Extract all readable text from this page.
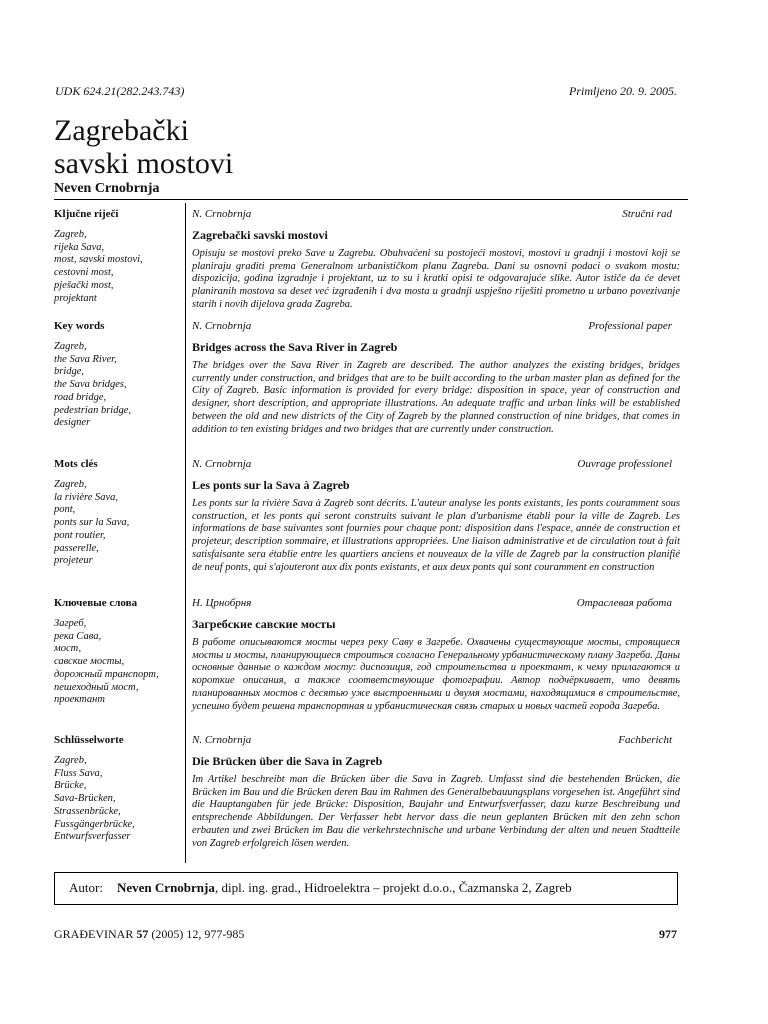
UDK 624.21(282.243.743)	Primljeno 20. 9. 2005.
Zagrebački
savski mostovi
Neven Crnobrnja
Ključne riječi
Zagreb,
rijeka Sava,
most, savski mostovi,
cestovni most,
pješački most,
projektant
N. Crnobrnja	Stručni rad
Zagrebački savski mostovi
Opisuju se mostovi preko Save u Zagrebu. Obuhvaćeni su postojeći mostovi, mostovi u gradnji i mostovi koji se planiraju graditi prema Generalnom urbanističkom planu Zagreba. Dani su osnovni podaci o svakom mostu: dispozicija, godina izgradnje i projektant, uz to su i kratki opisi te odgovarajuće slike. Autor ističe da će devet planiranih mostova sa deset već izgrađenih i dva mosta u gradnji uspješno riješiti prometno u urbano povezivanje starih i novih dijelova grada Zagreba.
Key words
Zagreb,
the Sava River,
bridge,
the Sava bridges,
road bridge,
pedestrian bridge,
designer
N. Crnobrnja	Professional paper
Bridges across the Sava River in Zagreb
The bridges over the Sava River in Zagreb are described. The author analyzes the existing bridges, bridges currently under construction, and bridges that are to be built according to the urban master plan as defined for the City of Zagreb. Basic information is provided for every bridge: disposition in space, year of construction and designer, short description, and appropriate illustrations. An adequate traffic and urban links will be established between the old and new districts of the City of Zagreb by the planned construction of nine bridges, that comes in addition to ten existing bridges and two bridges that are currently under construction.
Mots clés
Zagreb,
la rivière Sava,
pont,
ponts sur la Sava,
pont routier,
passerelle,
projeteur
N. Crnobrnja	Ouvrage professionel
Les ponts sur la Sava à Zagreb
Les ponts sur la rivière Sava à Zagreb sont décrits. L'auteur analyse les ponts existants, les ponts couramment sous construction, et les ponts qui seront construits suivant le plan d'urbanisme établi pour la ville de Zagreb. Les informations de base suivantes sont fournies pour chaque pont: disposition dans l'espace, année de construction et projeteur, description sommaire, et illustrations appropriées. Une liaison administrative et de circulation tout à fait satisfaisante sera établie entre les quartiers anciens et nouveaux de la ville de Zagreb par la construction planifié de neuf ponts, qui s'ajouteront aux dix ponts existants, et aux deux ponts qui sont couramment en construction
Ключевые слова
Загреб,
река Сава,
мост,
савские мосты,
дорожный транспорт,
пешеходный мост,
проектант
Н. Црнобрня	Отраслевая работа
Загребские савские мосты
В работе описываются мосты через реку Саву в Загребе. Охвачены существующие мосты, строящиеся мосты и мосты, планирующиеся строиться согласно Генеральному урбанистическому плану Загреба. Даны основные данные о каждом мосту: диспозиция, год строительства и проектант, к чему прилагаются и короткие описания, а также соответствующие фотографии. Автор подчёркивает, что девять планированных мостов с десятью уже выстроенными и двумя мостами, находящимися в строительстве, успешно будет решена транспортная и урбанистическая связь старых и новых частей города Загреба.
Schlüsselworte
Zagreb,
Fluss Sava,
Brücke,
Sava-Brücken,
Strassenbrücke,
Fussgängerbrücke,
Entwurfsverfasser
N. Crnobrnja	Fachbericht
Die Brücken über die Sava in Zagreb
Im Artikel beschreibt man die Brücken über die Sava in Zagreb. Umfasst sind die bestehenden Brücken, die Brücken im Bau und die Brücken deren Bau im Rahmen des Generalbebauungsplans vorgesehen ist. Angeführt sind die Hauptangaben für jede Brücke: Disposition, Baujahr und Entwurfsverfasser, dazu kurze Beschreibung und entsprechende Abbildungen. Der Verfasser hebt hervor dass die neun geplanten Brücken mit den zehn schon erbauten und zwei Brücken im Bau die verkehrstechnische und urbane Verbindung der alten und neuen Stadtteile von Zagreb erfolgreich lösen werden.
Autor: Neven Crnobrnja , dipl. ing. grad., Hidroelektra – projekt d.o.o., Čazmanska 2, Zagreb
GRAĐEVINAR 57 (2005) 12, 977-985	977
